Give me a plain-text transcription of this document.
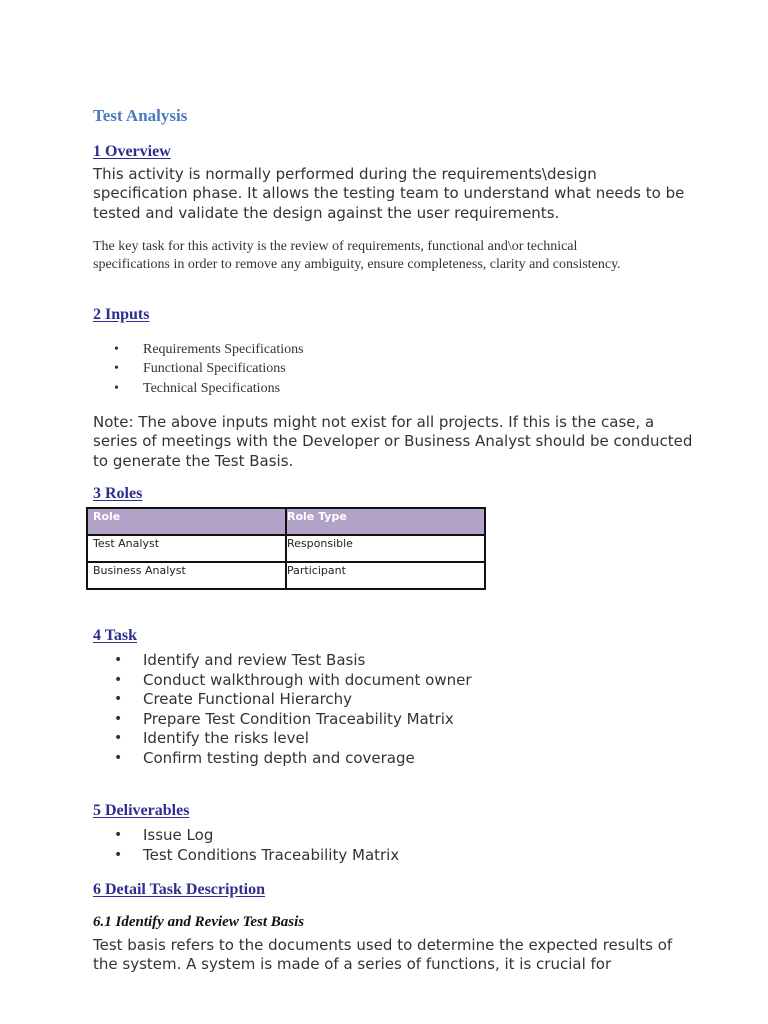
Test Analysis
1 Overview
This activity is normally performed during the requirements\design specification phase. It allows the testing team to understand what needs to be tested and validate the design against the user requirements.
The key task for this activity is the review of requirements, functional and\or technical specifications in order to remove any ambiguity, ensure completeness, clarity and consistency.
2 Inputs
• Requirements Specifications
• Functional Specifications
• Technical Specifications
Note: The above inputs might not exist for all projects. If this is the case, a series of meetings with the Developer or Business Analyst should be conducted to generate the Test Basis.
3 Roles
Role	Role Type
Test Analyst	Responsible
Business Analyst	Participant
4 Task
• Identify and review Test Basis
• Conduct walkthrough with document owner
• Create Functional Hierarchy
• Prepare Test Condition Traceability Matrix
• Identify the risks level
• Confirm testing depth and coverage
5 Deliverables
• Issue Log
• Test Conditions Traceability Matrix
6 Detail Task Description
6.1 Identify and Review Test Basis
Test basis refers to the documents used to determine the expected results of the system. A system is made of a series of functions, it is crucial for
